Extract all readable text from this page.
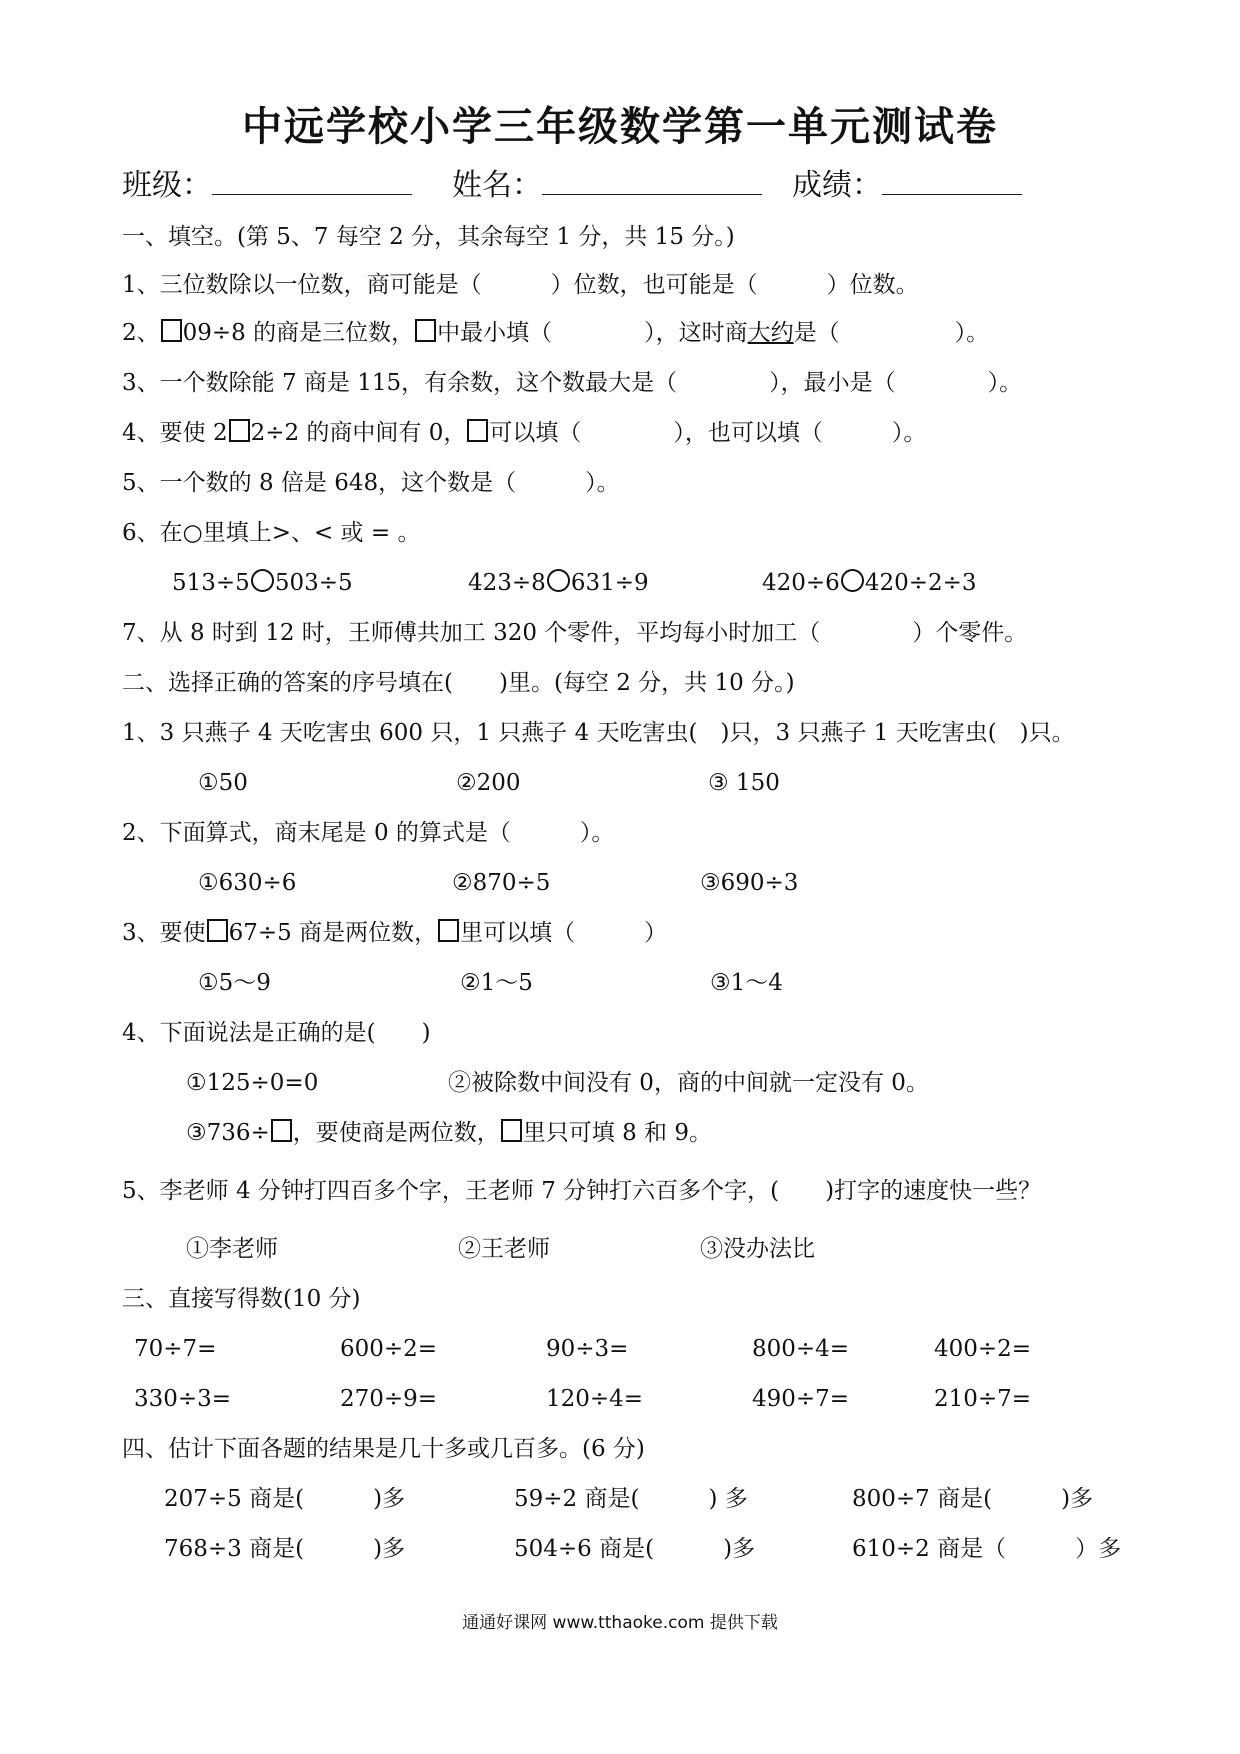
中远学校小学三年级数学第一单元测试卷
班级：	姓名：	成绩：
一、填空。(第 5、7 每空 2 分，其余每空 1 分，共 15 分。)
1、三位数除以一位数，商可能是（　　　）位数，也可能是（　　　）位数。
2、 09÷8 的商是三位数， 中最小填（　　　　），这时商大约是（　　　　　）。
3、一个数除能 7 商是 115，有余数，这个数最大是（　　　　），最小是（　　　　）。
4、要使 2 2÷2 的商中间有 0， 可以填（　　　　），也可以填（　　　）。
5、一个数的 8 倍是 648，这个数是（　　　）。
6、在○里填上>、< 或 = 。
513÷5 503÷5	423÷8 631÷9	420÷6 420÷2÷3
7、从 8 时到 12 时，王师傅共加工 320 个零件，平均每小时加工（　　　　）个零件。
二、选择正确的答案的序号填在(　　)里。(每空 2 分，共 10 分。)
1、3 只燕子 4 天吃害虫 600 只，1 只燕子 4 天吃害虫(　)只，3 只燕子 1 天吃害虫(　)只。
①50	②200	③ 150
2、下面算式，商末尾是 0 的算式是（　　　）。
①630÷6	②870÷5	③690÷3
3、要使 67÷5 商是两位数， 里可以填（　　　）
①5～9	②1～5	③1～4
4、下面说法是正确的是(　　)
①125÷0=0	②被除数中间没有 0，商的中间就一定没有 0。
③736÷ ，要使商是两位数， 里只可填 8 和 9。
5、李老师 4 分钟打四百多个字，王老师 7 分钟打六百多个字，(　　)打字的速度快一些？
①李老师	②王老师	③没办法比
三、直接写得数(10 分)
70÷7=	600÷2=	90÷3=	800÷4=	400÷2=
330÷3=	270÷9=	120÷4=	490÷7=	210÷7=
四、估计下面各题的结果是几十多或几百多。(6 分)
207÷5 商是(　　　)多	59÷2 商是(　　　) 多	800÷7 商是(　　　)多
768÷3 商是(　　　)多	504÷6 商是(　　　)多	610÷2 商是（　　　）多
通通好课网 www.tthaoke.com 提供下载
